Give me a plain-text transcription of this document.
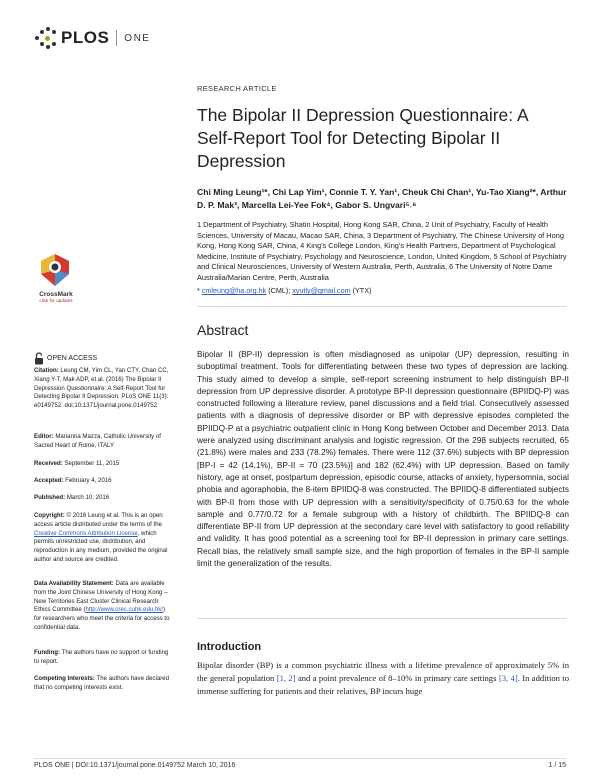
PLOS ONE
RESEARCH ARTICLE
The Bipolar II Depression Questionnaire: A Self-Report Tool for Detecting Bipolar II Depression
Chi Ming Leung¹*, Chi Lap Yim¹, Connie T. Y. Yan¹, Cheuk Chi Chan¹, Yu-Tao Xiang²*, Arthur D. P. Mak³, Marcella Lei-Yee Fok⁴, Gabor S. Ungvari⁵˒⁶
1 Department of Psychiatry, Shatin Hospital, Hong Kong SAR, China, 2 Unit of Psychiatry, Faculty of Health Sciences, University of Macau, Macao SAR, China, 3 Department of Psychiatry, The Chinese University of Hong Kong, Hong Kong SAR, China, 4 King's College London, King's Health Partners, Department of Psychological Medicine, Institute of Psychiatry, Psychology and Neuroscience, London, United Kingdom, 5 School of Psychiatry and Clinical Neurosciences, University of Western Australia, Perth, Australia, 6 The University of Notre Dame Australia/Marian Centre, Perth, Australia
* cmleung@ha.org.hk (CML); xyutly@gmail.com (YTX)
CrossMark
click for updates
OPEN ACCESS
Citation: Leung CM, Yim CL, Yan CTY, Chan CC, Xiang Y-T, Mak ADP, et al. (2016) The Bipolar II Depression Questionnaire: A Self-Report Tool for Detecting Bipolar II Depression. PLoS ONE 11(3): e0149752. doi:10.1371/journal.pone.0149752
Editor: Marianna Mazza, Catholic University of Sacred Heart of Rome, ITALY
Received: September 11, 2015
Accepted: February 4, 2016
Published: March 10, 2016
Copyright: © 2016 Leung et al. This is an open access article distributed under the terms of the Creative Commons Attribution License, which permits unrestricted use, distribution, and reproduction in any medium, provided the original author and source are credited.
Data Availability Statement: Data are available from the Joint Chinese University of Hong Kong – New Territories East Cluster Clinical Research Ethics Committee (http://www.crec.cuhk.edu.hk/) for researchers who meet the criteria for access to confidential data.
Funding: The authors have no support or funding to report.
Competing Interests: The authors have declared that no competing interests exist.
Abstract
Bipolar II (BP-II) depression is often misdiagnosed as unipolar (UP) depression, resulting in suboptimal treatment. Tools for differentiating between these two types of depression are lacking. This study aimed to develop a simple, self-report screening instrument to help distinguish BP-II depression from UP depressive disorder. A prototype BP-II depression questionnaire (BPIIDQ-P) was constructed following a literature review, panel discussions and a field trial. Consecutively assessed patients with a diagnosis of depressive disorder or BP with depressive episodes completed the BPIIDQ-P at a psychiatric outpatient clinic in Hong Kong between October and December 2013. Data were analyzed using discriminant analysis and logistic regression. Of the 298 subjects recruited, 65 (21.8%) were males and 233 (78.2%) females. There were 112 (37.6%) subjects with BP depression [BP-I = 42 (14.1%), BP-II = 70 (23.5%)] and 182 (62.4%) with UP depression. Based on family history, age at onset, postpartum depression, episodic course, attacks of anxiety, hypersomnia, social phobia and agoraphobia, the 8-item BPIIDQ-8 was constructed. The BPIIDQ-8 differentiated subjects with BP-II from those with UP depression with a sensitivity/specificity of 0.75/0.63 for the whole sample and 0.77/0.72 for a female subgroup with a history of childbirth. The BPIIDQ-8 can differentiate BP-II from UP depression at the secondary care level with satisfactory to good reliability and validity. It has good potential as a screening tool for BP-II depression in primary care settings. Recall bias, the relatively small sample size, and the high proportion of females in the BP-II sample limit the generalization of the results.
Introduction
Bipolar disorder (BP) is a common psychiatric illness with a lifetime prevalence of approximately 5% in the general population [1, 2] and a point prevalence of 8–10% in primary care settings [3, 4]. In addition to immense suffering for patients and their relatives, BP incurs huge
PLOS ONE | DOI:10.1371/journal.pone.0149752 March 10, 2016	1 / 15
